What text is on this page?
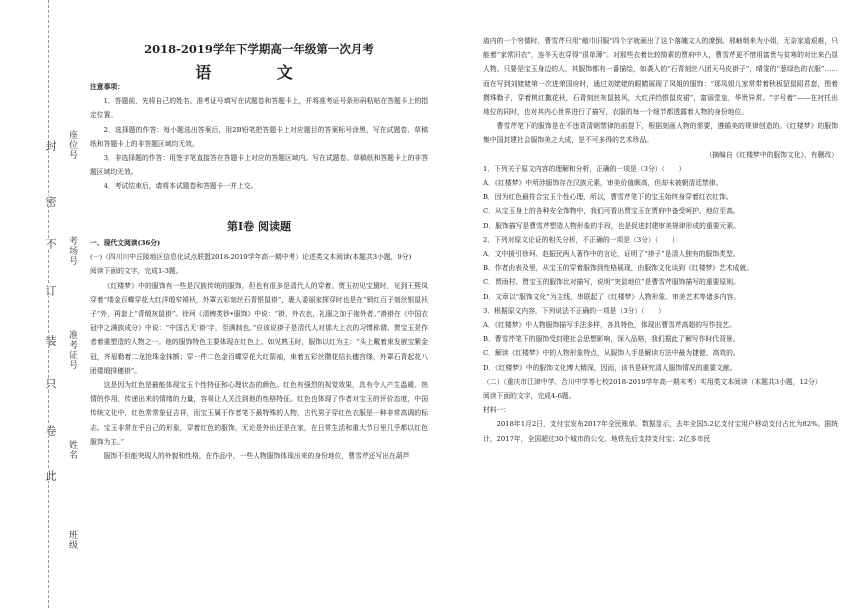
封
密
不
订
装
只
卷
此
座位号
考场号
准考证号
姓名
班级
2018-2019学年下学期高一年级第一次月考
语 文

注意事项：

1．答题前，先将自己的姓名、准考证号填写在试题卷和答题卡上，并将准考证号条形码粘贴在答题卡上的指定位置。

2．选择题的作答：每小题选出答案后，用2B铅笔把答题卡上对应题目的答案标号涂黑，写在试题卷、草稿纸和答题卡上的非答题区域均无效。

3．非选择题的作答：用签字笔直接答在答题卡上对应的答题区域内。写在试题卷、草稿纸和答题卡上的非答题区域均无效。

4．考试结束后，请将本试题卷和答题卡一并上交。

第Ⅰ卷 阅读题

一、现代文阅读(36分)

(一)（四川川中丘陵地区信息化试点联盟2018-2019学年高一期中考）论述类文本阅读(本题共3小题，9分)

阅读下面的文字，完成1-3题。

《红楼梦》中的服饰有一些是汉族传统的服饰，但也有很多是清代人的穿着。贾玉初见宝黛时，见到王熙凤穿着“缕金百蝶穿花大红洋缎窄褙袄，外罩五彩刻丝石青银鼠褂”，裹人委丽家探穿时也是在“锁红百子刻丝银鼠袄子”外，再套上“青缎灰鼠褂”。徐珂《清稗类钞•服饰》中说：“褂，外衣也，礼服之加于袍外者。”褂褂在《中国衣冠中之满族成分》中说：“中国古无‘褂’字，至满制也。”应该说褂子是清代人对那大上衣的习惯称谓。贾宝玉是作者着重塑造的人物之一。他的服饰特色主要体现在红色上。如见熟玉时，服饰以红为主：“头上戴着束发嵌宝紫金冠，齐眉勒着二龙抢珠金抹额；穿一件二色金百蝶穿花大红箭袖，束着五彩丝攒花结长穗宫绦，外罩石青起花八团倭缎排穗褂”。

这是因为红色是最能体现宝玉个性特征和心理状态的颜色。红色有强烈的视觉效果，具有令人产生温暖、热情的作用，传递出来的情绪的力量，容易让人关注到他的性格特征。红色也体现了作者对宝玉的评价态度，中国传统文化中，红色常常象征吉祥，而宝玉属于作者笔下最特殊的人物，古代男子穿红色衣服是一种非常高调的标志。宝玉非常在乎自己的形象，穿着红色的服饰，无论是外出还是在家，在日常生活和重大节日里几乎都以红色服饰为主。”

服饰不但能突现人的外貌和性格，在作品中，一些人物服饰体现出来的身份地位，曹雪芹还写出在葫芦

庙内的一个穷儒时，曹雪芹只用“敝巾旧服”四个字就画出了这个落魄文人的潦倒。邢岫烟来为小姐，无奈家道艰难，只能着“家常旧衣”，连冬天也穿得“很单薄”。对那些衣着比较简素的贾府中人，曹雪芹更不惜用富贵与贫寒的对比来凸显人物。只要是宝玉身边的人，其服饰都有一番描绘，如袭人的“石青刻丝八团天马皮褂子”，晴雯的“葱绿色的衣服”……而在写到刘姥姥第一次进荣国府时，通过刘姥姥的眼睛展现了凤姐的服饰：“那凤姐儿家常带着秋板貂鼠昭君套，围着攒珠勒子，穿着桃红撒花袄，石青刻丝灰鼠披风，大红洋绉银鼠皮裙”，富丽堂皇，华贵异常。“字号着”——在衬托出地位的同时，也对其内心世界进行了描写，衣服的每一个细节都透露着人物的身份地位。

曹雪芹笔下的服饰是在不违背清朝禁律的前提下，根据刻画人物的需要，遵循美的规律创造的。《红楼梦》的服饰集中国封建社会服饰美之大成，是不可多得的艺术珍品。

（摘编自《红楼梦中的服饰文化》，有删改）

1．下列关于原文内容的理解和分析，正确的一项是（3分）（　　）

A．《红楼梦》中所涉服饰存在汉族元素，审美价值颇高，但却未被朝清廷禁律。

B．因为红色最符合宝玉个性心理，所以，曹雪芹笔下的宝玉始终身穿着红衣红饰。

C．从宝玉身上的各种安全饰物中，我们可看出贾宝玉在贾府中备受呵护、地位至高。

D．服饰描写是曹雪芹塑造人物形象的手段，也是促进封建审美规律形成的重要元素。

2．下列对原文论证的相关分析，不正确的一项是（3分）（　　）

A．文中援引徐珂、赵振民两人著作中的言论，证明了“褂子”是清人独有的服饰类型。

B．作者由表及里，从宝玉的穿着服饰到性格展现，由服饰文化谈到《红楼梦》艺术成就。

C．贾雨村、贾宝玉的服饰比对描写，说明“突显地位”是曹雪芹服饰描写的重要原则。

D．文章以“服饰文化”为主线，串联起了《红楼梦》人物形象、审美艺术等诸多内容。

3．根据原文内容，下列说法不正确的一项是（3分）（　　）

A．《红楼梦》中人物服饰描写手法多样，各具特色，体现出曹雪芹高超的写作技艺。

B．曹雪芹笔下的服饰受封建社会思想影响，深入品格，我们据此了解写作时代背景。

C．解读《红楼梦》中的人物形象特点，从服饰入手是解读方法中最为捷便、高效的。

D．《红楼梦》中的服饰文化博大精深，因而，该书是研究清人服饰情况的重要文献。

（二）（重庆市江津中学、合川中学等七校2018-2019学年高一期末考）实用类文本阅读（本题共3小题，12分）

阅读下面的文字，完成4-6题。

材料一：

2018年1月2日，支付宝发布2017年全民账单。数据显示，去年全国5.2亿支付宝用户移动支付占比为82%。据统计，2017年，全国超过30个城市的公交、地铁先后支持支付宝；2亿多市民
